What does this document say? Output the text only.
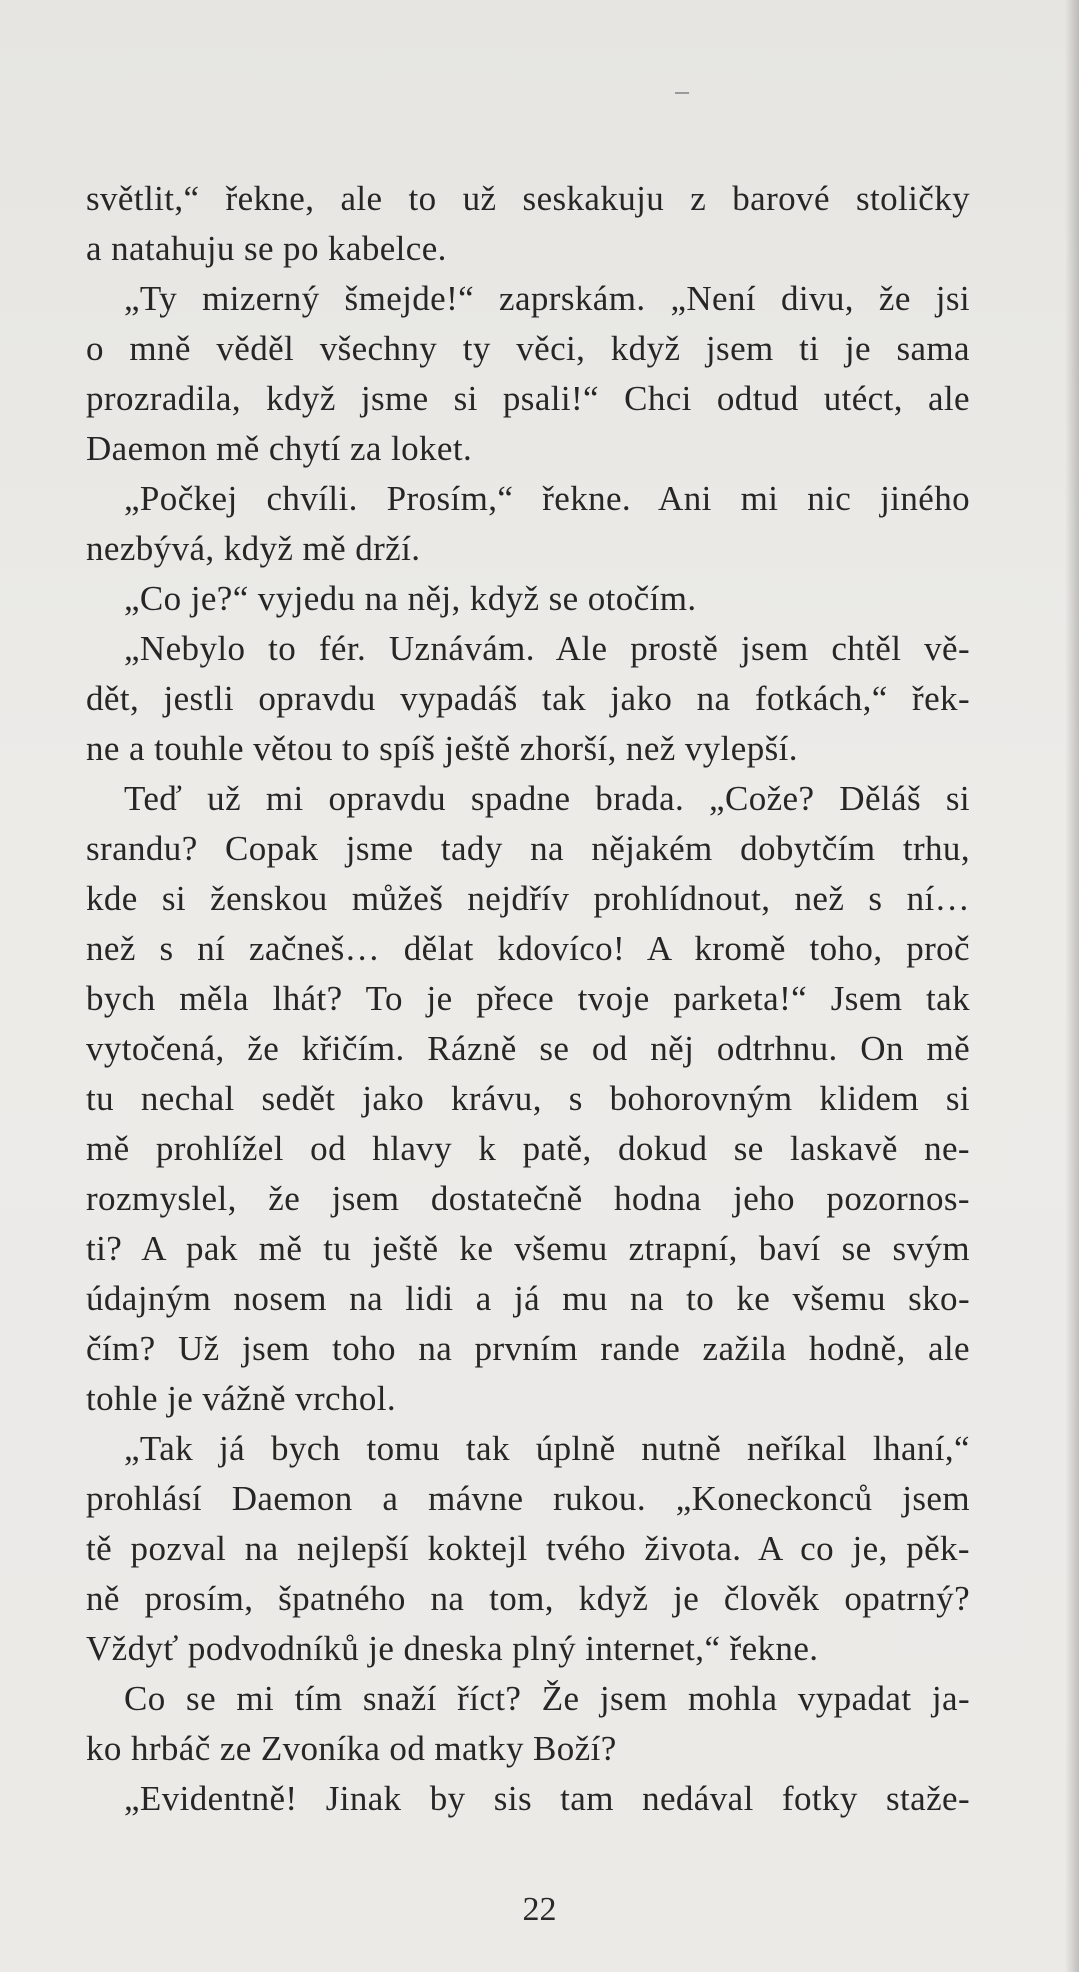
světlit,“ řekne, ale to už seskakuju z barové stoličky
a natahuju se po kabelce.
„Ty mizerný šmejde!“ zaprskám. „Není divu, že jsi
o mně věděl všechny ty věci, když jsem ti je sama
prozradila, když jsme si psali!“ Chci odtud utéct, ale
Daemon mě chytí za loket.
„Počkej chvíli. Prosím,“ řekne. Ani mi nic jiného
nezbývá, když mě drží.
„Co je?“ vyjedu na něj, když se otočím.
„Nebylo to fér. Uznávám. Ale prostě jsem chtěl vě-
dět, jestli opravdu vypadáš tak jako na fotkách,“ řek-
ne a touhle větou to spíš ještě zhorší, než vylepší.
Teď už mi opravdu spadne brada. „Cože? Děláš si
srandu? Copak jsme tady na nějakém dobytčím trhu,
kde si ženskou můžeš nejdřív prohlídnout, než s ní…
než s ní začneš… dělat kdovíco! A kromě toho, proč
bych měla lhát? To je přece tvoje parketa!“ Jsem tak
vytočená, že křičím. Rázně se od něj odtrhnu. On mě
tu nechal sedět jako krávu, s bohorovným klidem si
mě prohlížel od hlavy k patě, dokud se laskavě ne-
rozmyslel, že jsem dostatečně hodna jeho pozornos-
ti? A pak mě tu ještě ke všemu ztrapní, baví se svým
údajným nosem na lidi a já mu na to ke všemu sko-
čím? Už jsem toho na prvním rande zažila hodně, ale
tohle je vážně vrchol.
„Tak já bych tomu tak úplně nutně neříkal lhaní,“
prohlásí Daemon a mávne rukou. „Koneckonců jsem
tě pozval na nejlepší koktejl tvého života. A co je, pěk-
ně prosím, špatného na tom, když je člověk opatrný?
Vždyť podvodníků je dneska plný internet,“ řekne.
Co se mi tím snaží říct? Že jsem mohla vypadat ja-
ko hrbáč ze Zvoníka od matky Boží?
„Evidentně! Jinak by sis tam nedával fotky staže-
22
